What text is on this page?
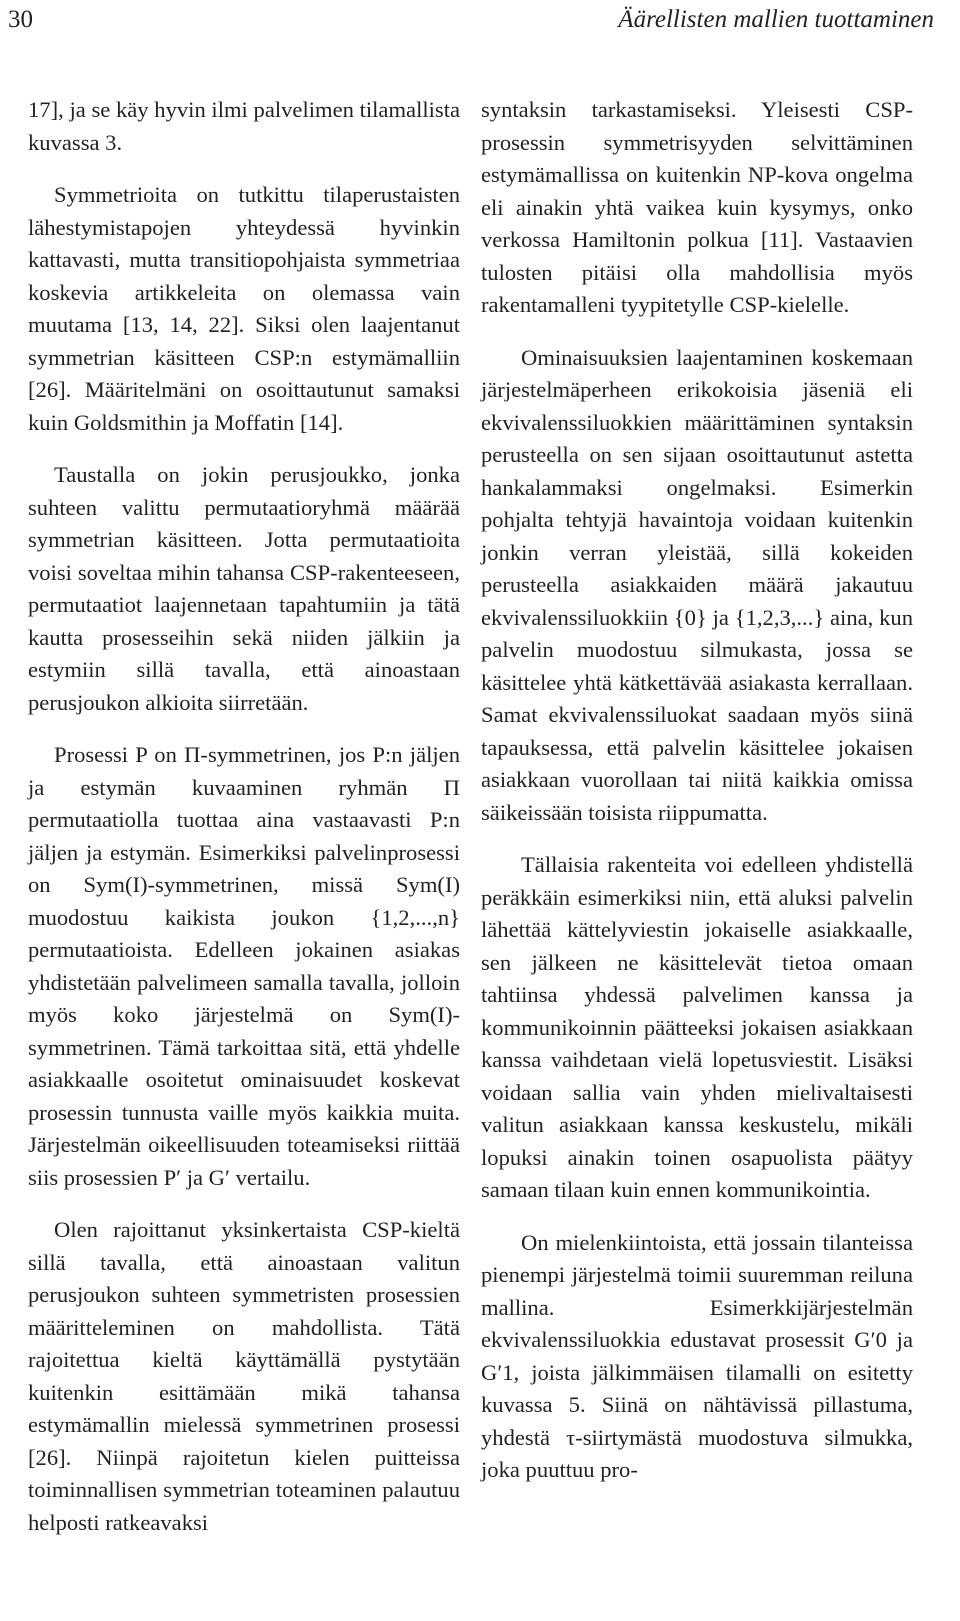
30	Äärellisten mallien tuottaminen

17], ja se käy hyvin ilmi palvelimen tilamallista kuvassa 3.

Symmetrioita on tutkittu tilaperustaisten lähestymistapojen yhteydessä hyvinkin kattavasti, mutta transitiopohjaista symmetriaa koskevia artikkeleita on olemassa vain muutama [13, 14, 22]. Siksi olen laajentanut symmetrian käsitteen CSP:n estymämalliin [26]. Määritelmäni on osoittautunut samaksi kuin Goldsmithin ja Moffatin [14].

Taustalla on jokin perusjoukko, jonka suhteen valittu permutaatioryhmä määrää symmetrian käsitteen. Jotta permutaatioita voisi soveltaa mihin tahansa CSP-rakenteeseen, permutaatiot laajennetaan tapahtumiin ja tätä kautta prosesseihin sekä niiden jälkiin ja estymiin sillä tavalla, että ainoastaan perusjoukon alkioita siirretään.

Prosessi P on Π-symmetrinen, jos P:n jäljen ja estymän kuvaaminen ryhmän Π permutaatiolla tuottaa aina vastaavasti P:n jäljen ja estymän. Esimerkiksi palvelinprosessi on Sym(I)-symmetrinen, missä Sym(I) muodostuu kaikista joukon {1,2,...,n} permutaatioista. Edelleen jokainen asiakas yhdistetään palvelimeen samalla tavalla, jolloin myös koko järjestelmä on Sym(I)-symmetrinen. Tämä tarkoittaa sitä, että yhdelle asiakkaalle osoitetut ominaisuudet koskevat prosessin tunnusta vaille myös kaikkia muita. Järjestelmän oikeellisuuden toteamiseksi riittää siis prosessien P′ ja G′ vertailu.

Olen rajoittanut yksinkertaista CSP-kieltä sillä tavalla, että ainoastaan valitun perusjoukon suhteen symmetristen prosessien määritteleminen on mahdollista. Tätä rajoitettua kieltä käyttämällä pystytään kuitenkin esittämään mikä tahansa estymämallin mielessä symmetrinen prosessi [26]. Niinpä rajoitetun kielen puitteissa toiminnallisen symmetrian toteaminen palautuu helposti ratkeavaksi

syntaksin tarkastamiseksi. Yleisesti CSP-prosessin symmetrisyyden selvittäminen estymämallissa on kuitenkin NP-kova ongelma eli ainakin yhtä vaikea kuin kysymys, onko verkossa Hamiltonin polkua [11]. Vastaavien tulosten pitäisi olla mahdollisia myös rakentamalleni tyypitetylle CSP-kielelle.

Ominaisuuksien laajentaminen koskemaan järjestelmäperheen erikokoisia jäseniä eli ekvivalenssiluokkien määrittäminen syntaksin perusteella on sen sijaan osoittautunut astetta hankalammaksi ongelmaksi. Esimerkin pohjalta tehtyjä havaintoja voidaan kuitenkin jonkin verran yleistää, sillä kokeiden perusteella asiakkaiden määrä jakautuu ekvivalenssiluokkiin {0} ja {1,2,3,...} aina, kun palvelin muodostuu silmukasta, jossa se käsittelee yhtä kätkettävää asiakasta kerrallaan. Samat ekvivalenssiluokat saadaan myös siinä tapauksessa, että palvelin käsittelee jokaisen asiakkaan vuorollaan tai niitä kaikkia omissa säikeissään toisista riippumatta.

Tällaisia rakenteita voi edelleen yhdistellä peräkkäin esimerkiksi niin, että aluksi palvelin lähettää kättelyviestin jokaiselle asiakkaalle, sen jälkeen ne käsittelevät tietoa omaan tahtiinsa yhdessä palvelimen kanssa ja kommunikoinnin päätteeksi jokaisen asiakkaan kanssa vaihdetaan vielä lopetusviestit. Lisäksi voidaan sallia vain yhden mielivaltaisesti valitun asiakkaan kanssa keskustelu, mikäli lopuksi ainakin toinen osapuolista päätyy samaan tilaan kuin ennen kommunikointia.

On mielenkiintoista, että jossain tilanteissa pienempi järjestelmä toimii suuremman reiluna mallina. Esimerkkijärjestelmän ekvivalenssiluokkia edustavat prosessit G′0 ja G′1, joista jälkimmäisen tilamalli on esitetty kuvassa 5. Siinä on nähtävissä pillastuma, yhdestä τ-siirtymästä muodostuva silmukka, joka puuttuu pro-
